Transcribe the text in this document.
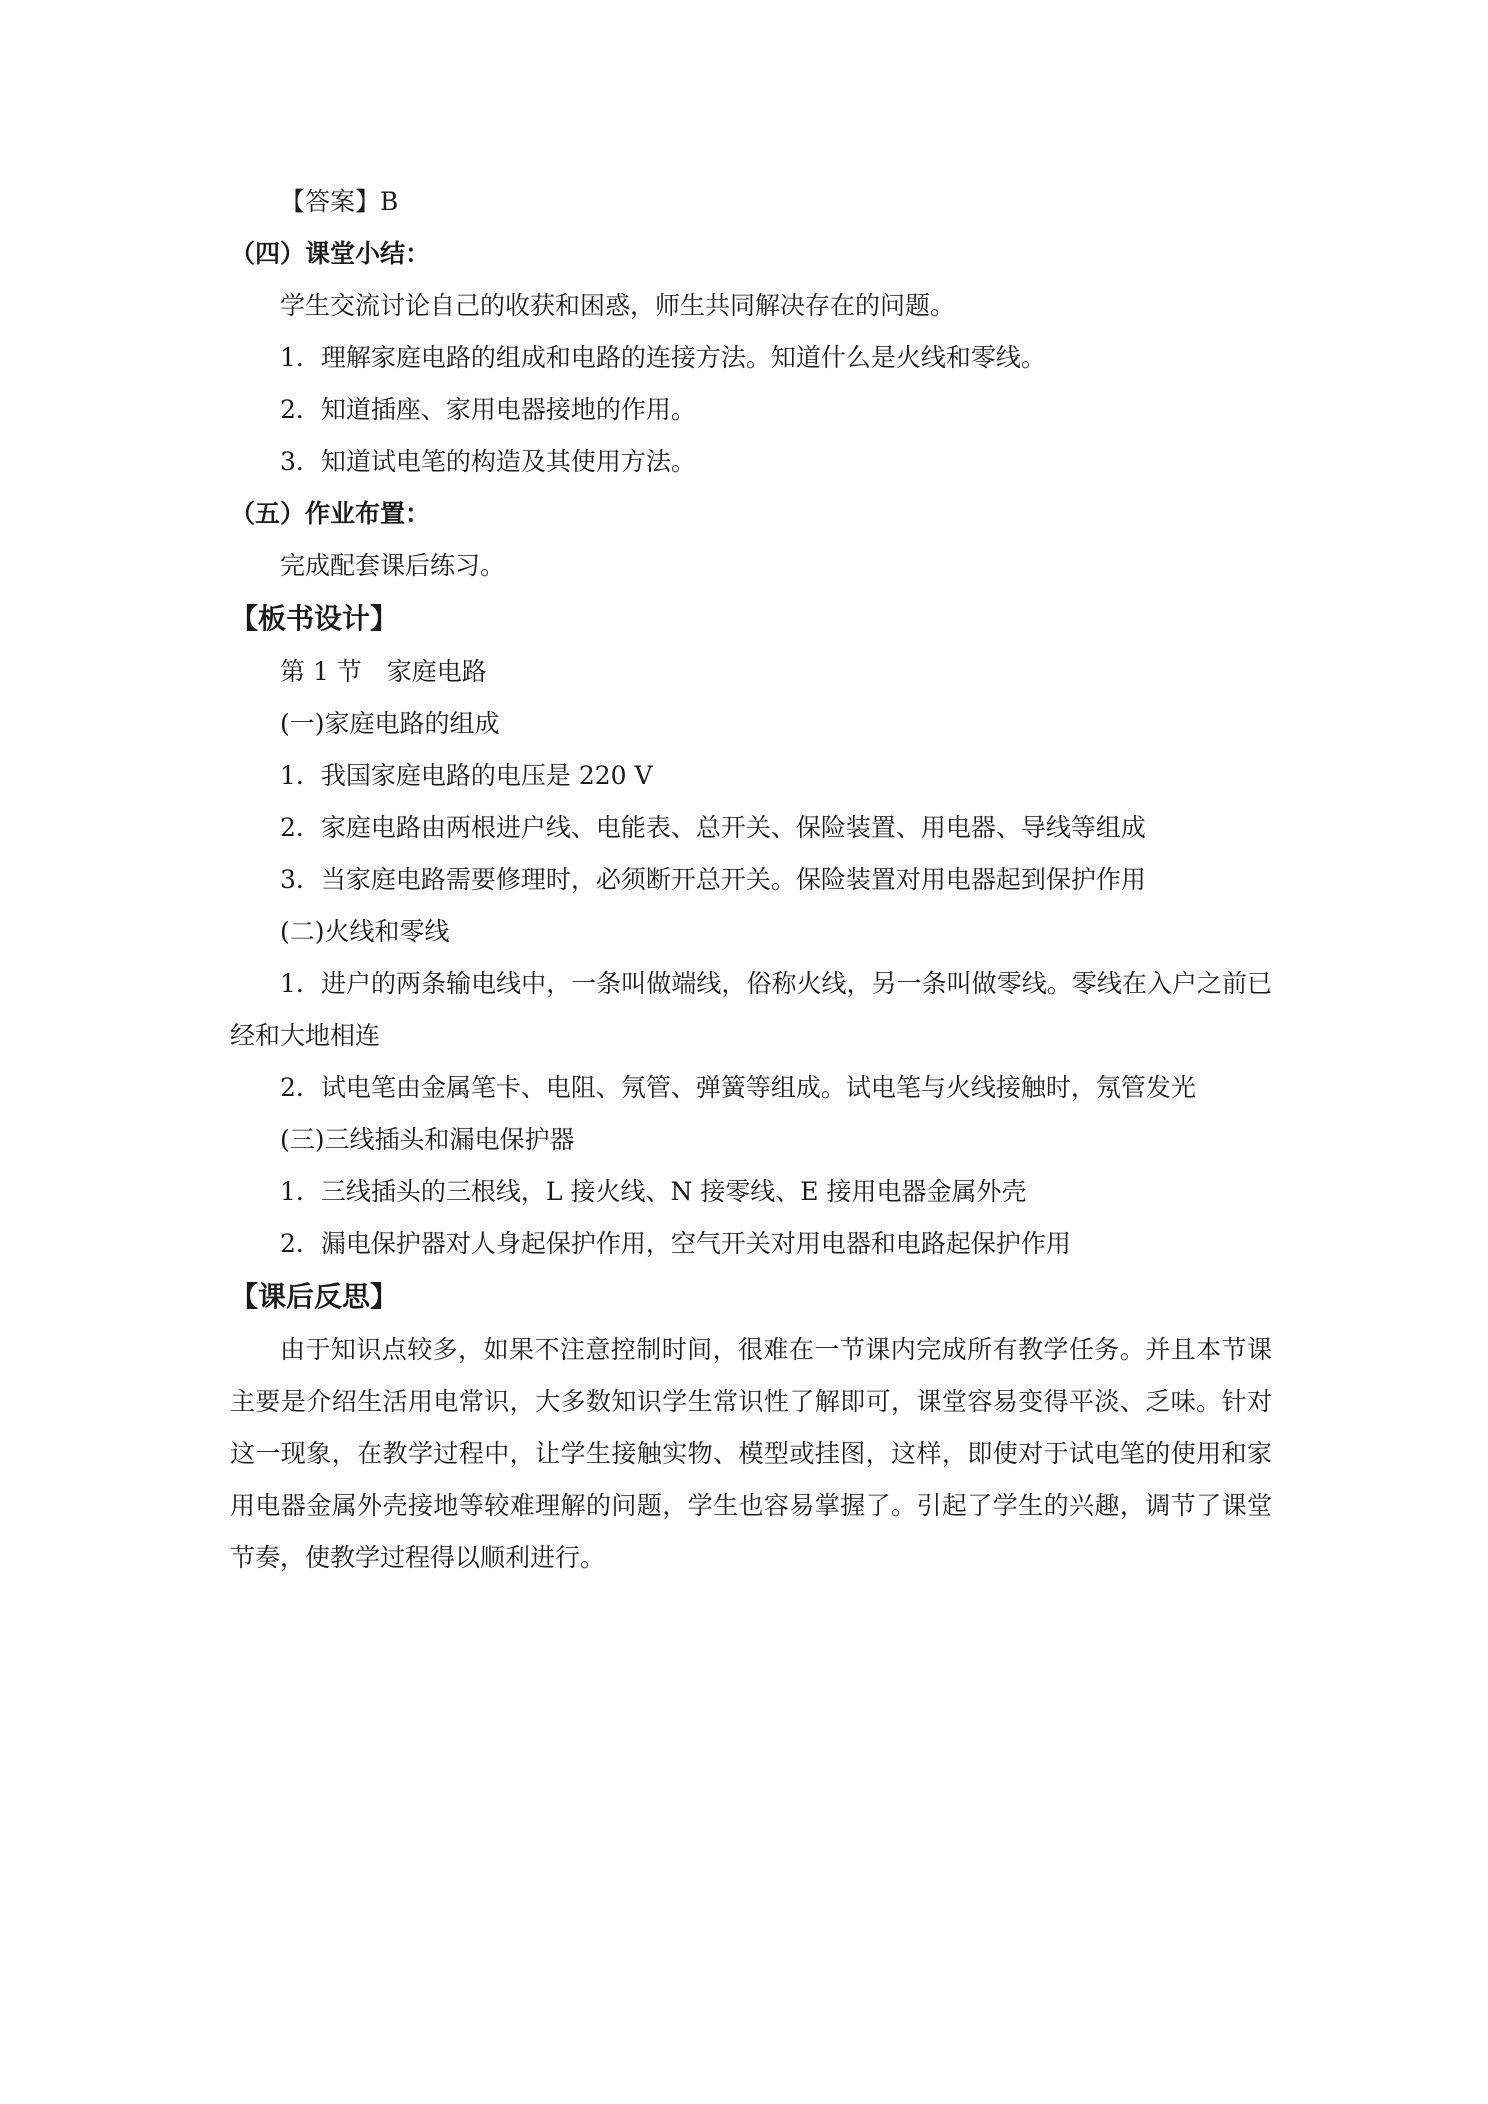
【答案】B
（四）课堂小结：
学生交流讨论自己的收获和困惑，师生共同解决存在的问题。
1．理解家庭电路的组成和电路的连接方法。知道什么是火线和零线。
2．知道插座、家用电器接地的作用。
3．知道试电笔的构造及其使用方法。
（五）作业布置：
完成配套课后练习。
【板书设计】
第 1 节　家庭电路
(一)家庭电路的组成
1．我国家庭电路的电压是 220 V
2．家庭电路由两根进户线、电能表、总开关、保险装置、用电器、导线等组成
3．当家庭电路需要修理时，必须断开总开关。保险装置对用电器起到保护作用
(二)火线和零线
1．进户的两条输电线中，一条叫做端线，俗称火线，另一条叫做零线。零线在入户之前已经和大地相连
2．试电笔由金属笔卡、电阻、氖管、弹簧等组成。试电笔与火线接触时，氖管发光
(三)三线插头和漏电保护器
1．三线插头的三根线，L 接火线、N 接零线、E 接用电器金属外壳
2．漏电保护器对人身起保护作用，空气开关对用电器和电路起保护作用
【课后反思】
由于知识点较多，如果不注意控制时间，很难在一节课内完成所有教学任务。并且本节课主要是介绍生活用电常识，大多数知识学生常识性了解即可，课堂容易变得平淡、乏味。针对这一现象，在教学过程中，让学生接触实物、模型或挂图，这样，即使对于试电笔的使用和家用电器金属外壳接地等较难理解的问题，学生也容易掌握了。引起了学生的兴趣，调节了课堂节奏，使教学过程得以顺利进行。
